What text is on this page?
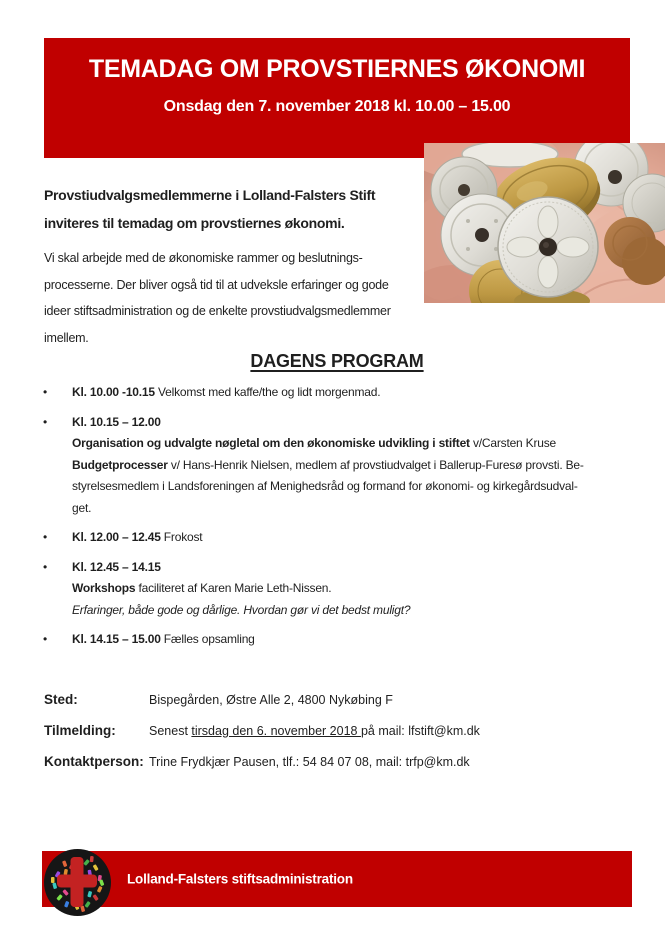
TEMADAG OM PROVSTIERNES ØKONOMI
Onsdag den 7. november 2018 kl. 10.00 – 15.00
Provstiudvalgsmedlemmerne i Lolland-Falsters Stift
inviteres til temadag om provstiernes økonomi.
Vi skal arbejde med de økonomiske rammer og beslutnings-
processerne. Der bliver også tid til at udveksle erfaringer og gode
ideer stiftsadministration og de enkelte provstiudvalgsmedlemmer
imellem.
DAGENS PROGRAM
• Kl. 10.00 -10.15 Velkomst med kaffe/the og lidt morgenmad.
• Kl. 10.15 – 12.00
Organisation og udvalgte nøgletal om den økonomiske udvikling i stiftet v/Carsten Kruse
Budgetprocesser v/ Hans-Henrik Nielsen, medlem af provstiudvalget i Ballerup-Furesø provsti. Be-
styrelsesmedlem i Landsforeningen af Menighedsråd og formand for økonomi- og kirkegårdsudval-
get.
• Kl. 12.00 – 12.45 Frokost
• Kl. 12.45 – 14.15
Workshops faciliteret af Karen Marie Leth-Nissen.
Erfaringer, både gode og dårlige. Hvordan gør vi det bedst muligt?
• Kl. 14.15 – 15.00 Fælles opsamling
Sted:	Bispegården, Østre Alle 2, 4800 Nykøbing F
Tilmelding:	Senest tirsdag den 6. november 2018 på mail: lfstift@km.dk
Kontaktperson: Trine Frydkjær Pausen, tlf.: 54 84 07 08, mail: trfp@km.dk
Lolland-Falsters stiftsadministration
